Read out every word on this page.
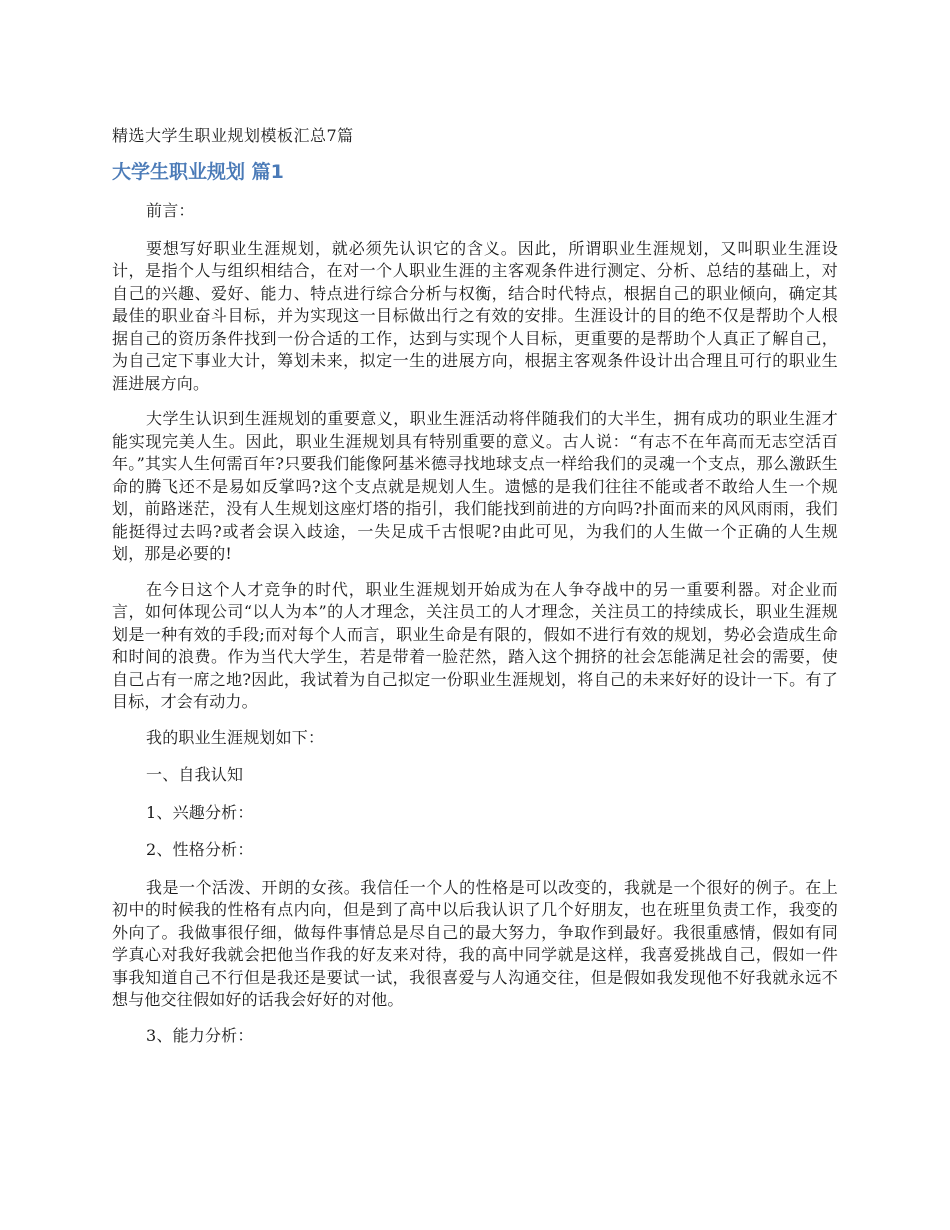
精选大学生职业规划模板汇总7篇
大学生职业规划 篇1

前言：

要想写好职业生涯规划，就必须先认识它的含义。因此，所谓职业生涯规划，又叫职业生涯设计，是指个人与组织相结合，在对一个人职业生涯的主客观条件进行测定、分析、总结的基础上，对自己的兴趣、爱好、能力、特点进行综合分析与权衡，结合时代特点，根据自己的职业倾向，确定其最佳的职业奋斗目标，并为实现这一目标做出行之有效的安排。生涯设计的目的绝不仅是帮助个人根据自己的资历条件找到一份合适的工作，达到与实现个人目标，更重要的是帮助个人真正了解自己，为自己定下事业大计，筹划未来，拟定一生的进展方向，根据主客观条件设计出合理且可行的职业生涯进展方向。

大学生认识到生涯规划的重要意义，职业生涯活动将伴随我们的大半生，拥有成功的职业生涯才能实现完美人生。因此，职业生涯规划具有特别重要的意义。古人说：“有志不在年高而无志空活百年。”其实人生何需百年?只要我们能像阿基米德寻找地球支点一样给我们的灵魂一个支点，那么激跃生命的腾飞还不是易如反掌吗?这个支点就是规划人生。遗憾的是我们往往不能或者不敢给人生一个规划，前路迷茫，没有人生规划这座灯塔的指引，我们能找到前进的方向吗?扑面而来的风风雨雨，我们能挺得过去吗?或者会误入歧途，一失足成千古恨呢?由此可见，为我们的人生做一个正确的人生规划，那是必要的!

在今日这个人才竞争的时代，职业生涯规划开始成为在人争夺战中的另一重要利器。对企业而言，如何体现公司“以人为本”的人才理念，关注员工的人才理念，关注员工的持续成长，职业生涯规划是一种有效的手段;而对每个人而言，职业生命是有限的，假如不进行有效的规划，势必会造成生命和时间的浪费。作为当代大学生，若是带着一脸茫然，踏入这个拥挤的社会怎能满足社会的需要，使自己占有一席之地?因此，我试着为自己拟定一份职业生涯规划，将自己的未来好好的设计一下。有了目标，才会有动力。

我的职业生涯规划如下：

一、自我认知

1、兴趣分析：

2、性格分析：

我是一个活泼、开朗的女孩。我信任一个人的性格是可以改变的，我就是一个很好的例子。在上初中的时候我的性格有点内向，但是到了高中以后我认识了几个好朋友，也在班里负责工作，我变的外向了。我做事很仔细，做每件事情总是尽自己的最大努力，争取作到最好。我很重感情，假如有同学真心对我好我就会把他当作我的好友来对待，我的高中同学就是这样，我喜爱挑战自己，假如一件事我知道自己不行但是我还是要试一试，我很喜爱与人沟通交往，但是假如我发现他不好我就永远不想与他交往假如好的话我会好好的对他。

3、能力分析：
